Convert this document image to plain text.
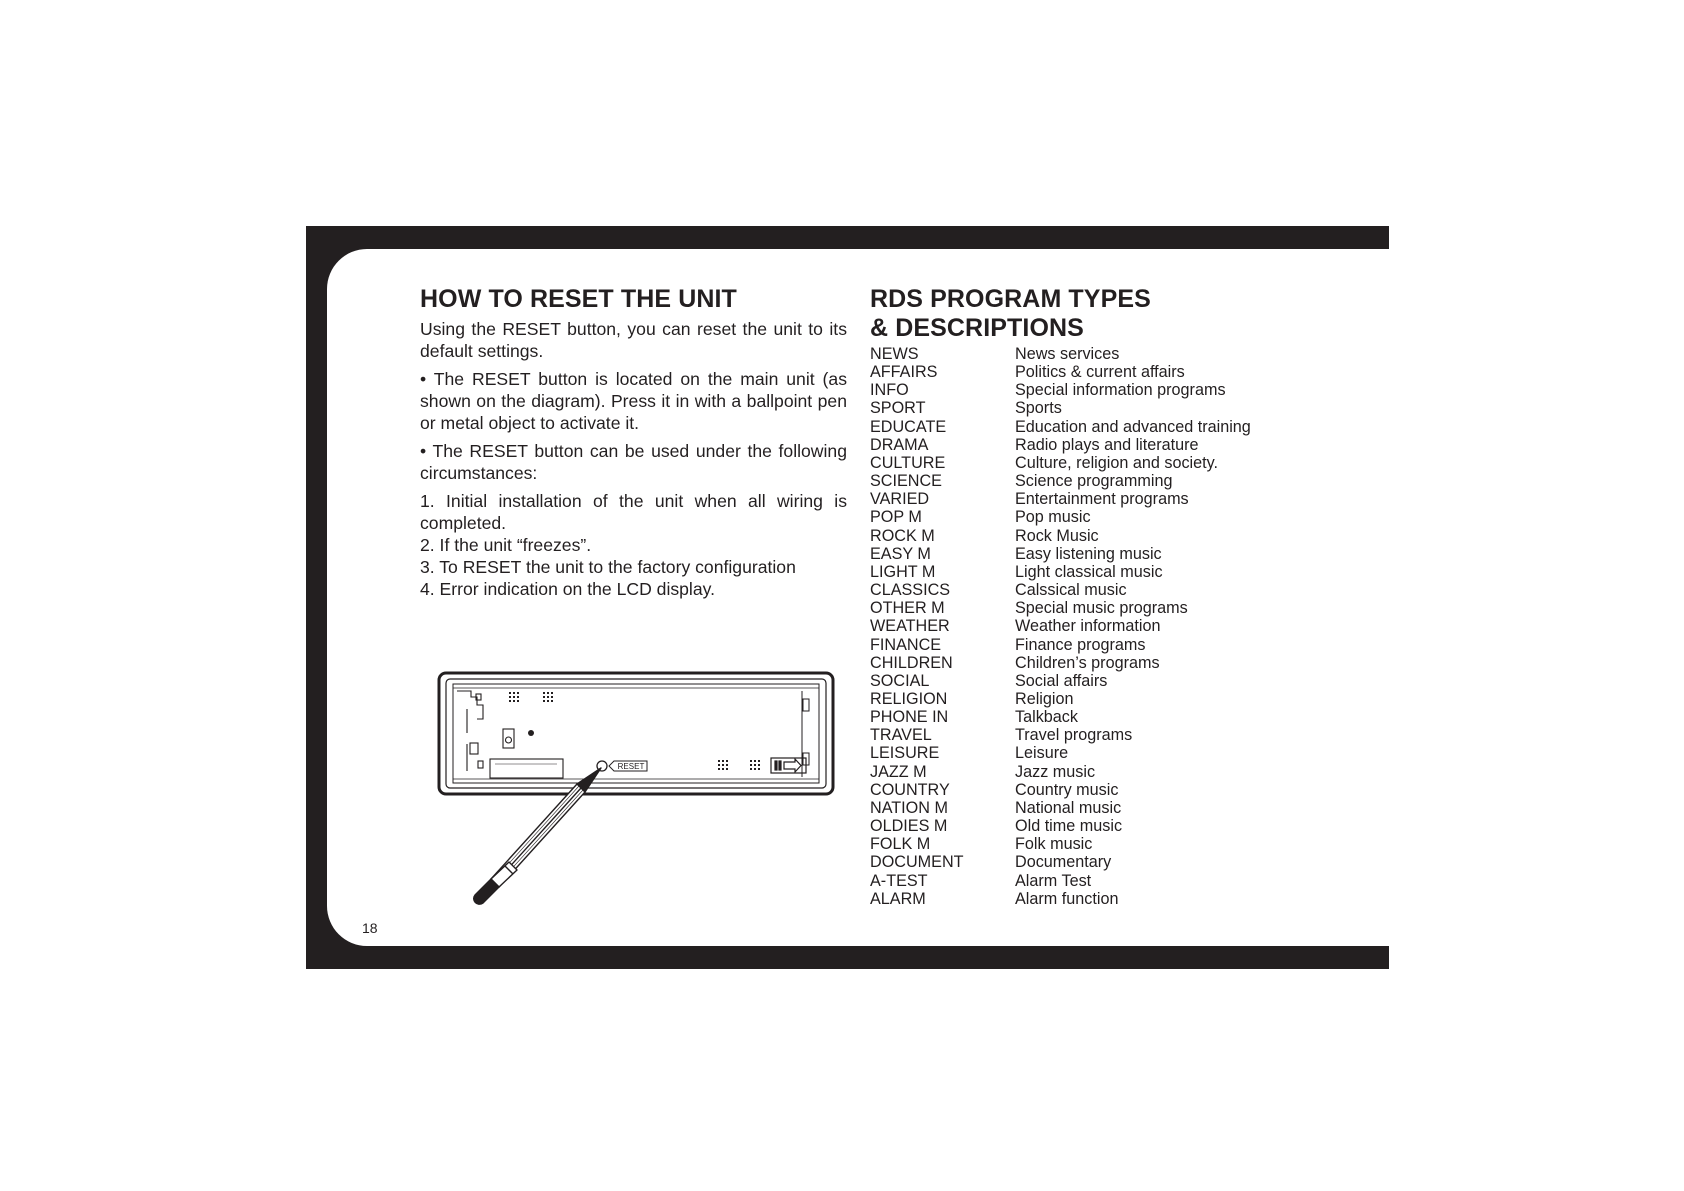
HOW TO RESET THE UNIT

Using the RESET button, you can reset the unit to its default settings.

• The RESET button is located on the main unit (as shown on the diagram). Press it in with a ballpoint pen or metal object to activate it.

• The RESET button can be used under the following circumstances:

1. Initial installation of the unit when all wiring is completed.

2. If the unit “freezes”.

3. To RESET the unit to the factory configuration

4. Error indication on the LCD display.

RESET
RDS PROGRAM TYPES
& DESCRIPTIONS
NEWS	News services
AFFAIRS	Politics & current affairs
INFO	Special information programs
SPORT	Sports
EDUCATE	Education and advanced training
DRAMA	Radio plays and literature
CULTURE	Culture, religion and society.
SCIENCE	Science programming
VARIED	Entertainment programs
POP M	Pop music
ROCK M	Rock Music
EASY M	Easy listening music
LIGHT M	Light classical music
CLASSICS	Calssical music
OTHER M	Special music programs
WEATHER	Weather information
FINANCE	Finance programs
CHILDREN	Children’s programs
SOCIAL	Social affairs
RELIGION	Religion
PHONE IN	Talkback
TRAVEL	Travel programs
LEISURE	Leisure
JAZZ M	Jazz music
COUNTRY	Country music
NATION M	National music
OLDIES M	Old time music
FOLK M	Folk music
DOCUMENT	Documentary
A-TEST	Alarm Test
ALARM	Alarm function
18
